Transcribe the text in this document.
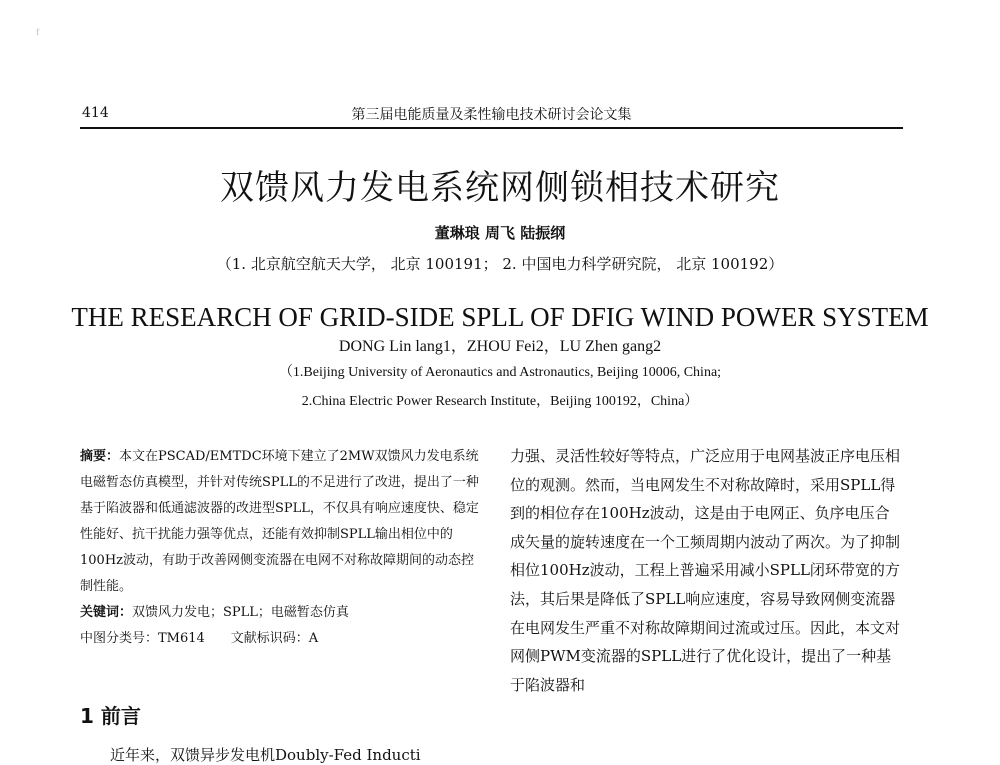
f
414	第三届电能质量及柔性输电技术研讨会论文集
双馈风力发电系统网侧锁相技术研究
董琳琅 周飞 陆振纲
（1. 北京航空航天大学， 北京 100191； 2. 中国电力科学研究院， 北京 100192）
THE RESEARCH OF GRID-SIDE SPLL OF DFIG WIND POWER SYSTEM
DONG Lin lang1，ZHOU Fei2，LU Zhen gang2
（1.Beijing University of Aeronautics and Astronautics, Beijing 10006, China;
2.China Electric Power Research Institute，Beijing 100192，China）
摘要：本文在PSCAD/EMTDC环境下建立了2MW双馈风力发电系统电磁暂态仿真模型，并针对传统SPLL的不足进行了改进，提出了一种基于陷波器和低通滤波器的改进型SPLL，不仅具有响应速度快、稳定性能好、抗干扰能力强等优点，还能有效抑制SPLL输出相位中的100Hz波动，有助于改善网侧变流器在电网不对称故障期间的动态控制性能。
关键词：双馈风力发电；SPLL；电磁暂态仿真
中图分类号：TM614 文献标识码：A
1 前言
近年来，双馈异步发电机Doubly-Fed Inducti

力强、灵活性较好等特点，广泛应用于电网基波正序电压相位的观测。然而，当电网发生不对称故障时，采用SPLL得到的相位存在100Hz波动，这是由于电网正、负序电压合成矢量的旋转速度在一个工频周期内波动了两次。为了抑制相位100Hz波动，工程上普遍采用减小SPLL闭环带宽的方法，其后果是降低了SPLL响应速度，容易导致网侧变流器在电网发生严重不对称故障期间过流或过压。因此，本文对网侧PWM变流器的SPLL进行了优化设计，提出了一种基于陷波器和
